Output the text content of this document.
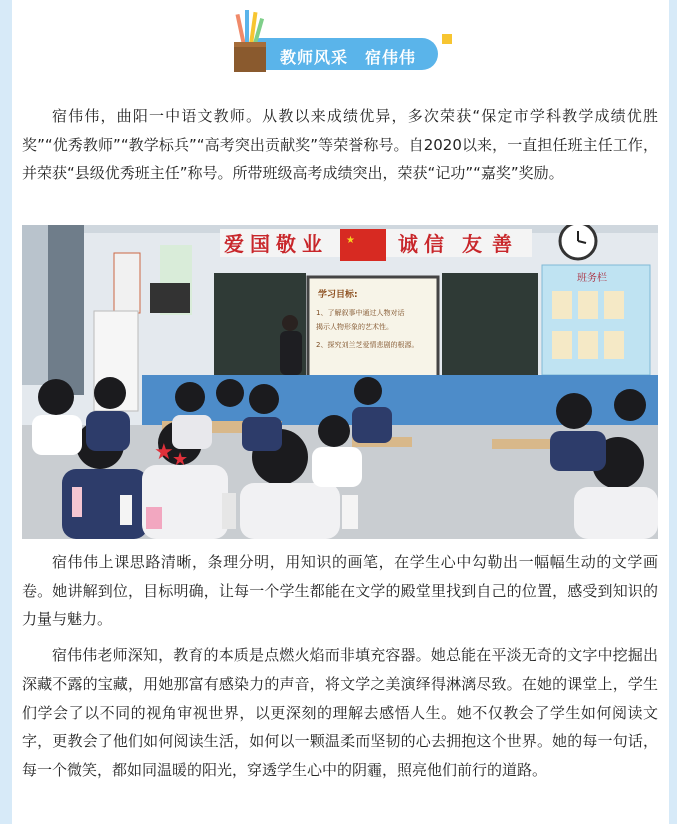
教师风采　宿伟伟

宿伟伟，曲阳一中语文教师。从教以来成绩优异，多次荣获“保定市学科教学成绩优胜奖”“优秀教师”“教学标兵”“高考突出贡献奖”等荣誉称号。自2020以来，一直担任班主任工作，并荣获“县级优秀班主任”称号。所带班级高考成绩突出，荣获“记功”“嘉奖”奖励。

爱 国 敬 业 ★ 诚 信 友 善
学习目标:
1、了解叙事中通过人物对话
揭示人物形象的艺术性。
2、探究刘兰芝爱情悲剧的根源。
班务栏
★
★

宿伟伟上课思路清晰，条理分明，用知识的画笔，在学生心中勾勒出一幅幅生动的文学画卷。她讲解到位，目标明确，让每一个学生都能在文学的殿堂里找到自己的位置，感受到知识的力量与魅力。

宿伟伟老师深知，教育的本质是点燃火焰而非填充容器。她总能在平淡无奇的文字中挖掘出深藏不露的宝藏，用她那富有感染力的声音，将文学之美演绎得淋漓尽致。在她的课堂上，学生们学会了以不同的视角审视世界，以更深刻的理解去感悟人生。她不仅教会了学生如何阅读文字，更教会了他们如何阅读生活，如何以一颗温柔而坚韧的心去拥抱这个世界。她的每一句话，每一个微笑，都如同温暖的阳光，穿透学生心中的阴霾，照亮他们前行的道路。
